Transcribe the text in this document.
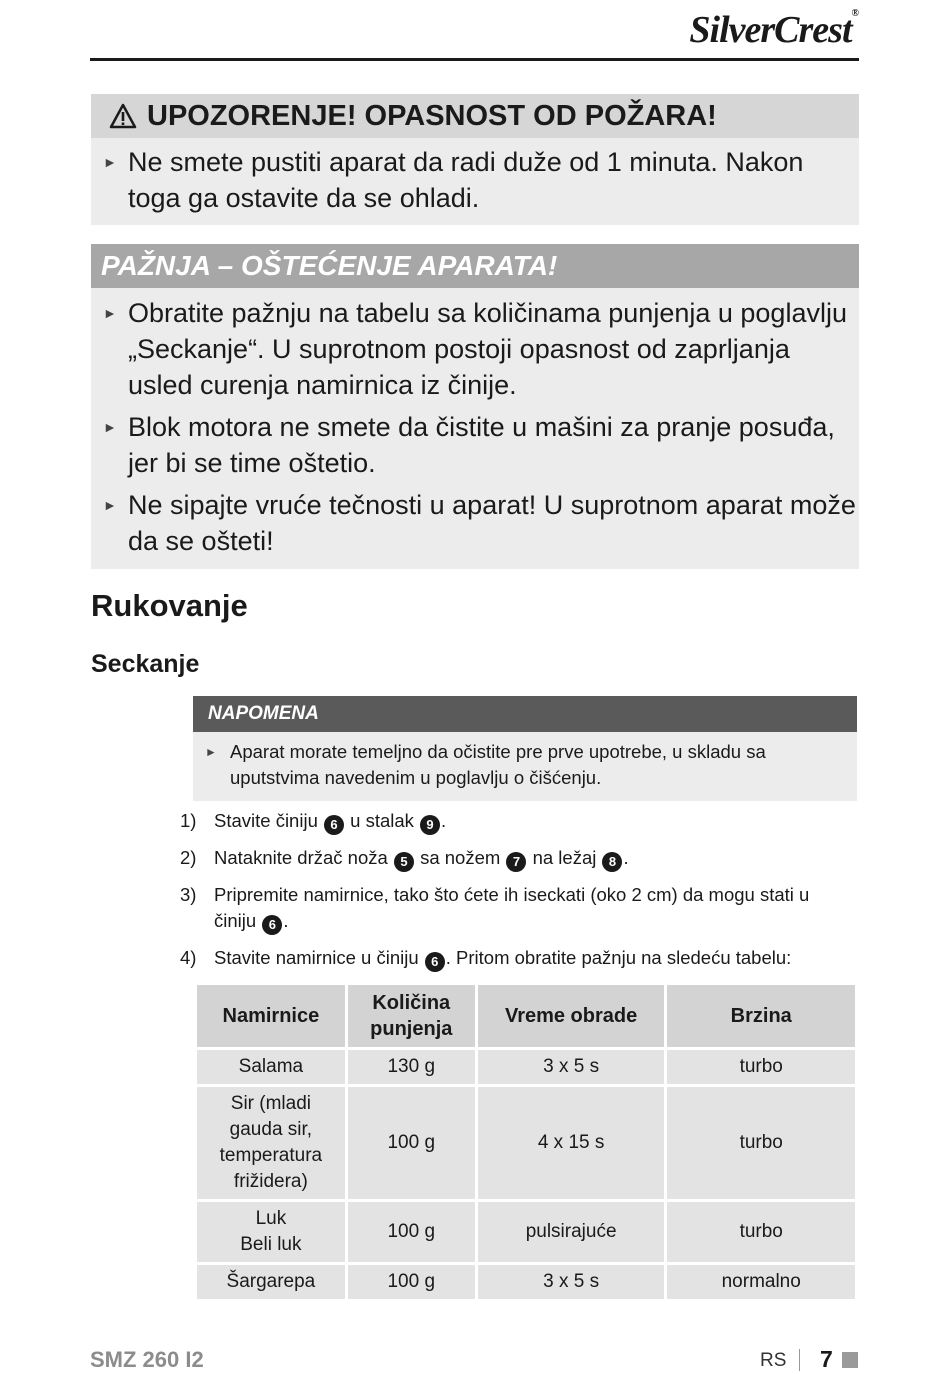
SilverCrest®
UPOZORENJE! OPASNOST OD POŽARA!
► Ne smete pustiti aparat da radi duže od 1 minuta. Nakon toga ga ostavite da se ohladi.
PAŽNJA – OŠTEĆENJE APARATA!
► Obratite pažnju na tabelu sa količinama punjenja u poglavlju „Seckanje“. U suprotnom postoji opasnost od zaprljanja usled curenja namirnica iz činije.
► Blok motora ne smete da čistite u mašini za pranje posuđa, jer bi se time oštetio.
► Ne sipajte vruće tečnosti u aparat! U suprotnom aparat može da se ošteti!
Rukovanje
Seckanje
NAPOMENA
► Aparat morate temeljno da očistite pre prve upotrebe, u skladu sa uputstvima navedenim u poglavlju o čišćenju.
1) Stavite činiju 6 u stalak 9 .
2) Nataknite držač noža 5 sa nožem 7 na ležaj 8 .
3) Pripremite namirnice, tako što ćete ih iseckati (oko 2 cm) da mogu stati u činiju 6 .
4) Stavite namirnice u činiju 6 . Pritom obratite pažnju na sledeću tabelu:
Namirnice	Količina punjenja	Vreme obrade	Brzina
Salama	130 g	3 x 5 s	turbo

Sir (mladi gauda sir, temperatura frižidera)	100 g	4 x 15 s	turbo

Luk Beli luk	100 g	pulsirajuće	turbo
Šargarepa	100 g	3 x 5 s	normalno
SMZ 260 I2	RS 7
